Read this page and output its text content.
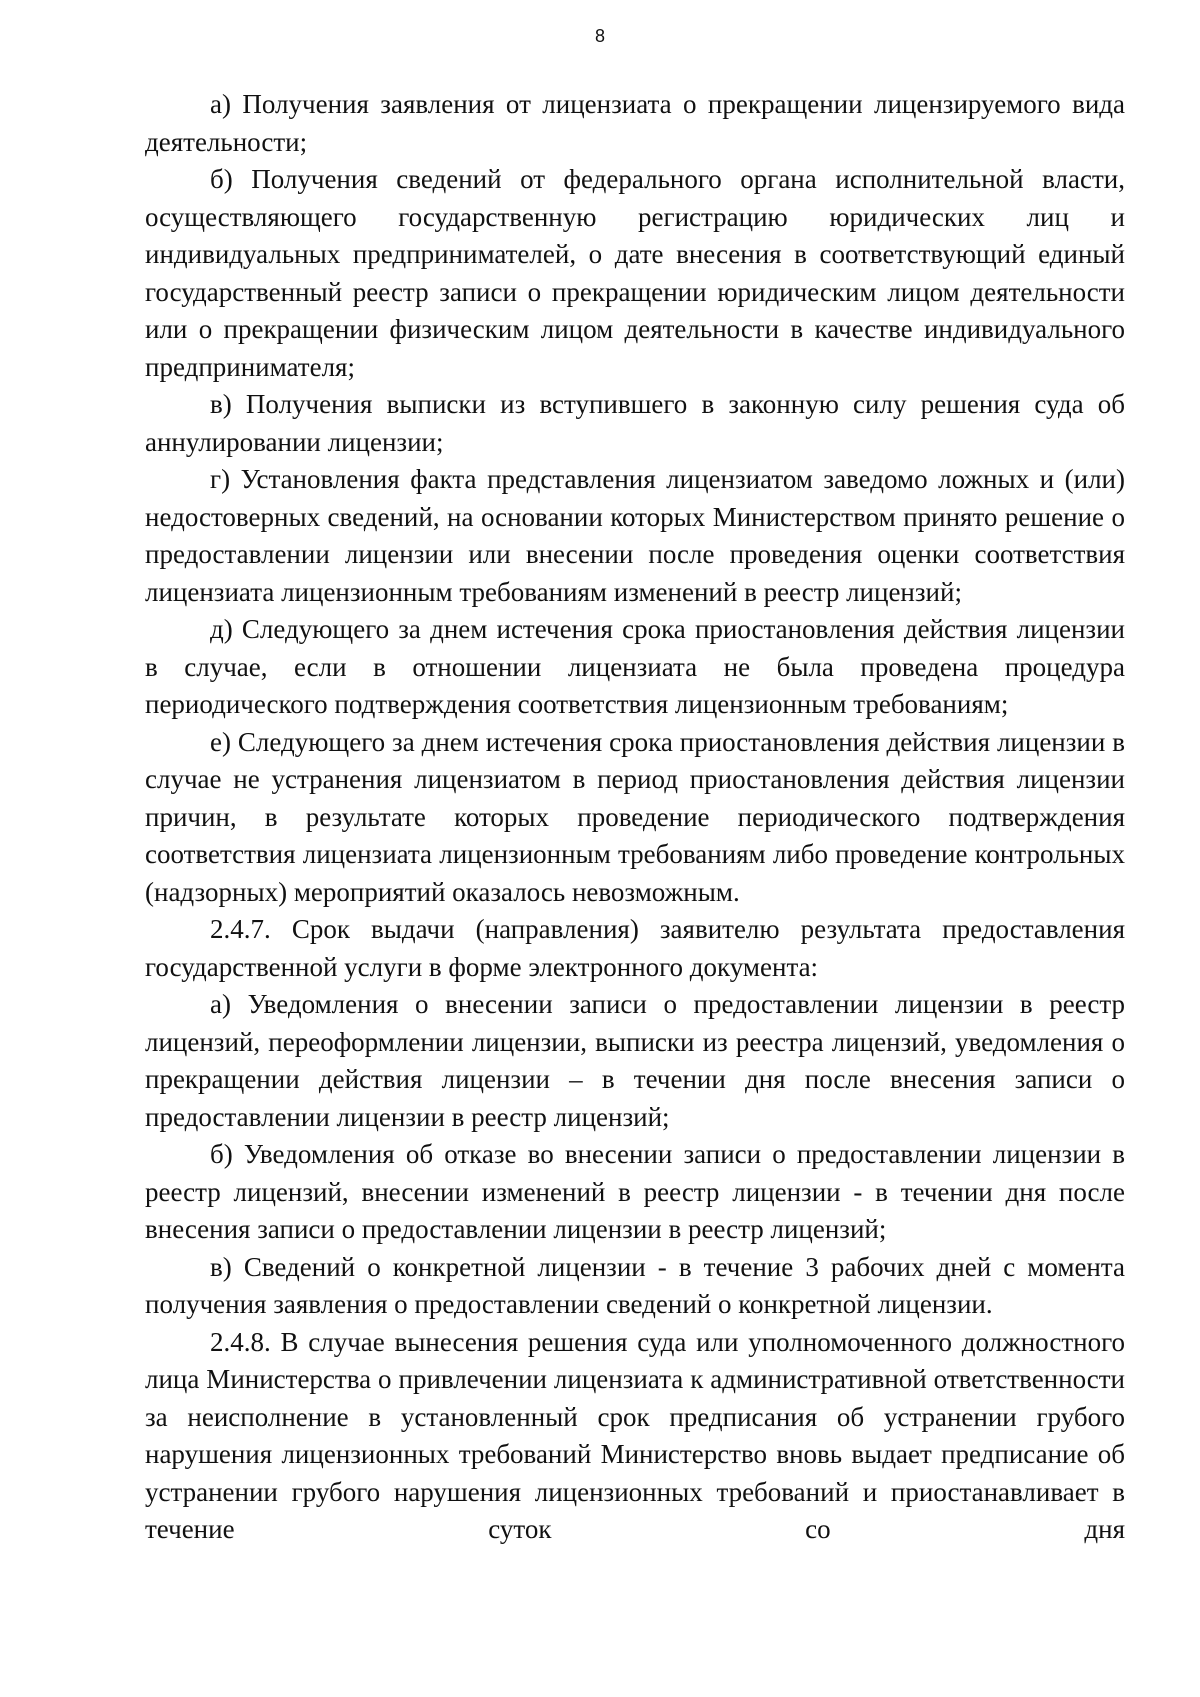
8

а) Получения заявления от лицензиата о прекращении лицензируемого вида деятельности;

б) Получения сведений от федерального органа исполнительной власти, осуществляющего государственную регистрацию юридических лиц и индивидуальных предпринимателей, о дате внесения в соответствующий единый государственный реестр записи о прекращении юридическим лицом деятельности или о прекращении физическим лицом деятельности в качестве индивидуального предпринимателя;

в) Получения выписки из вступившего в законную силу решения суда об аннулировании лицензии;

г) Установления факта представления лицензиатом заведомо ложных и (или) недостоверных сведений, на основании которых Министерством принято решение о предоставлении лицензии или внесении после проведения оценки соответствия лицензиата лицензионным требованиям изменений в реестр лицензий;

д) Следующего за днем истечения срока приостановления действия лицензии в случае, если в отношении лицензиата не была проведена процедура периодического подтверждения соответствия лицензионным требованиям;

е) Следующего за днем истечения срока приостановления действия лицензии в случае не устранения лицензиатом в период приостановления действия лицензии причин, в результате которых проведение периодического подтверждения соответствия лицензиата лицензионным требованиям либо проведение контрольных (надзорных) мероприятий оказалось невозможным.

2.4.7. Срок выдачи (направления) заявителю результата предоставления государственной услуги в форме электронного документа:

а) Уведомления о внесении записи о предоставлении лицензии в реестр лицензий, переоформлении лицензии, выписки из реестра лицензий, уведомления о прекращении действия лицензии – в течении дня после внесения записи о предоставлении лицензии в реестр лицензий;

б) Уведомления об отказе во внесении записи о предоставлении лицензии в реестр лицензий, внесении изменений в реестр лицензии - в течении дня после внесения записи о предоставлении лицензии в реестр лицензий;

в) Сведений о конкретной лицензии - в течение 3 рабочих дней с момента получения заявления о предоставлении сведений о конкретной лицензии.

2.4.8. В случае вынесения решения суда или уполномоченного должностного лица Министерства о привлечении лицензиата к административной ответственности за неисполнение в установленный срок предписания об устранении грубого нарушения лицензионных требований Министерство вновь выдает предписание об устранении грубого нарушения лицензионных требований и приостанавливает в течение суток со дня
